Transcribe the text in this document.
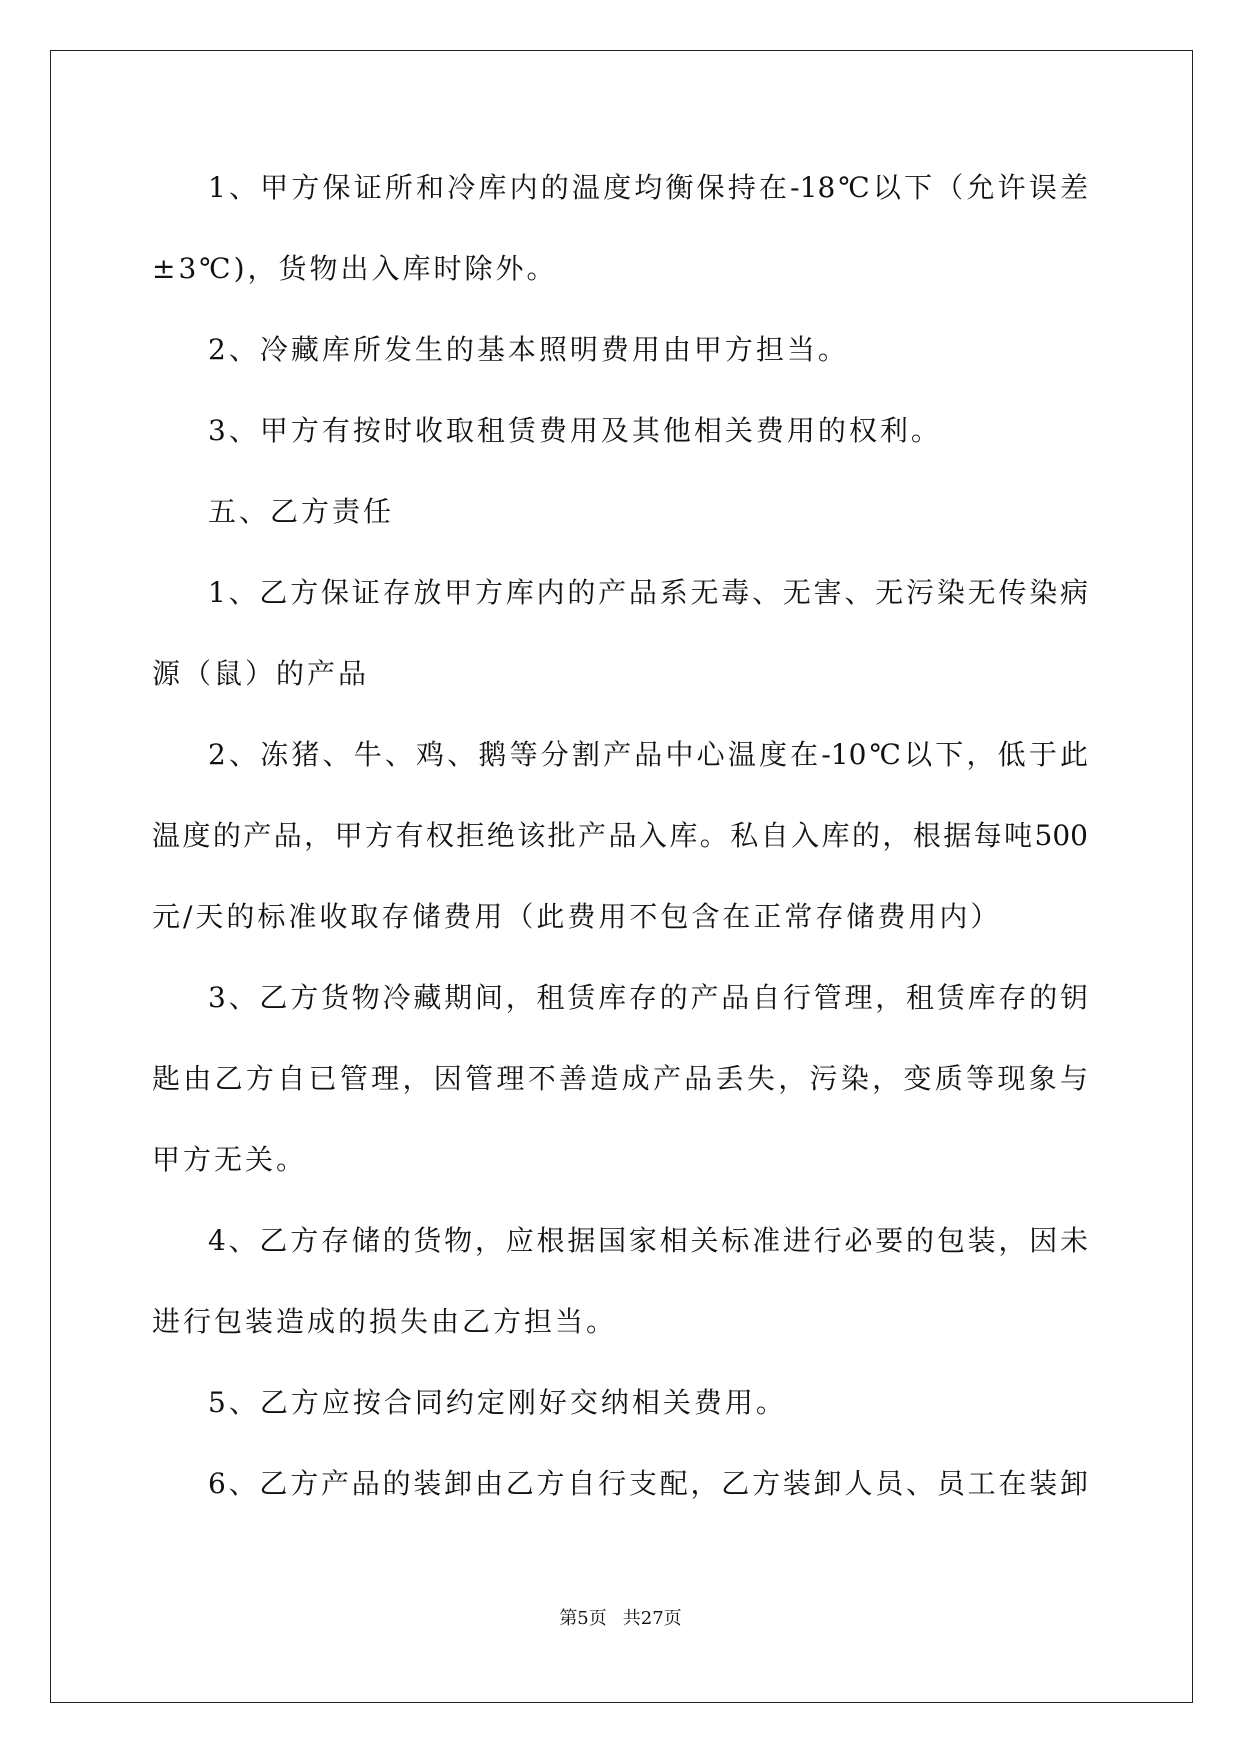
1、甲方保证所和冷库内的温度均衡保持在-18℃以下（允许误差
±3℃)，货物出入库时除外。
2、冷藏库所发生的基本照明费用由甲方担当。
3、甲方有按时收取租赁费用及其他相关费用的权利。
五、乙方责任
1、乙方保证存放甲方库内的产品系无毒、无害、无污染无传染病
源（鼠）的产品
2、冻猪、牛、鸡、鹅等分割产品中心温度在-10℃以下，低于此
温度的产品，甲方有权拒绝该批产品入库。私自入库的，根据每吨500
元/天的标准收取存储费用（此费用不包含在正常存储费用内）
3、乙方货物冷藏期间，租赁库存的产品自行管理，租赁库存的钥
匙由乙方自已管理，因管理不善造成产品丢失，污染，变质等现象与
甲方无关。
4、乙方存储的货物，应根据国家相关标准进行必要的包装，因未
进行包装造成的损失由乙方担当。
5、乙方应按合同约定刚好交纳相关费用。
6、乙方产品的装卸由乙方自行支配，乙方装卸人员、员工在装卸
第5页 共27页
